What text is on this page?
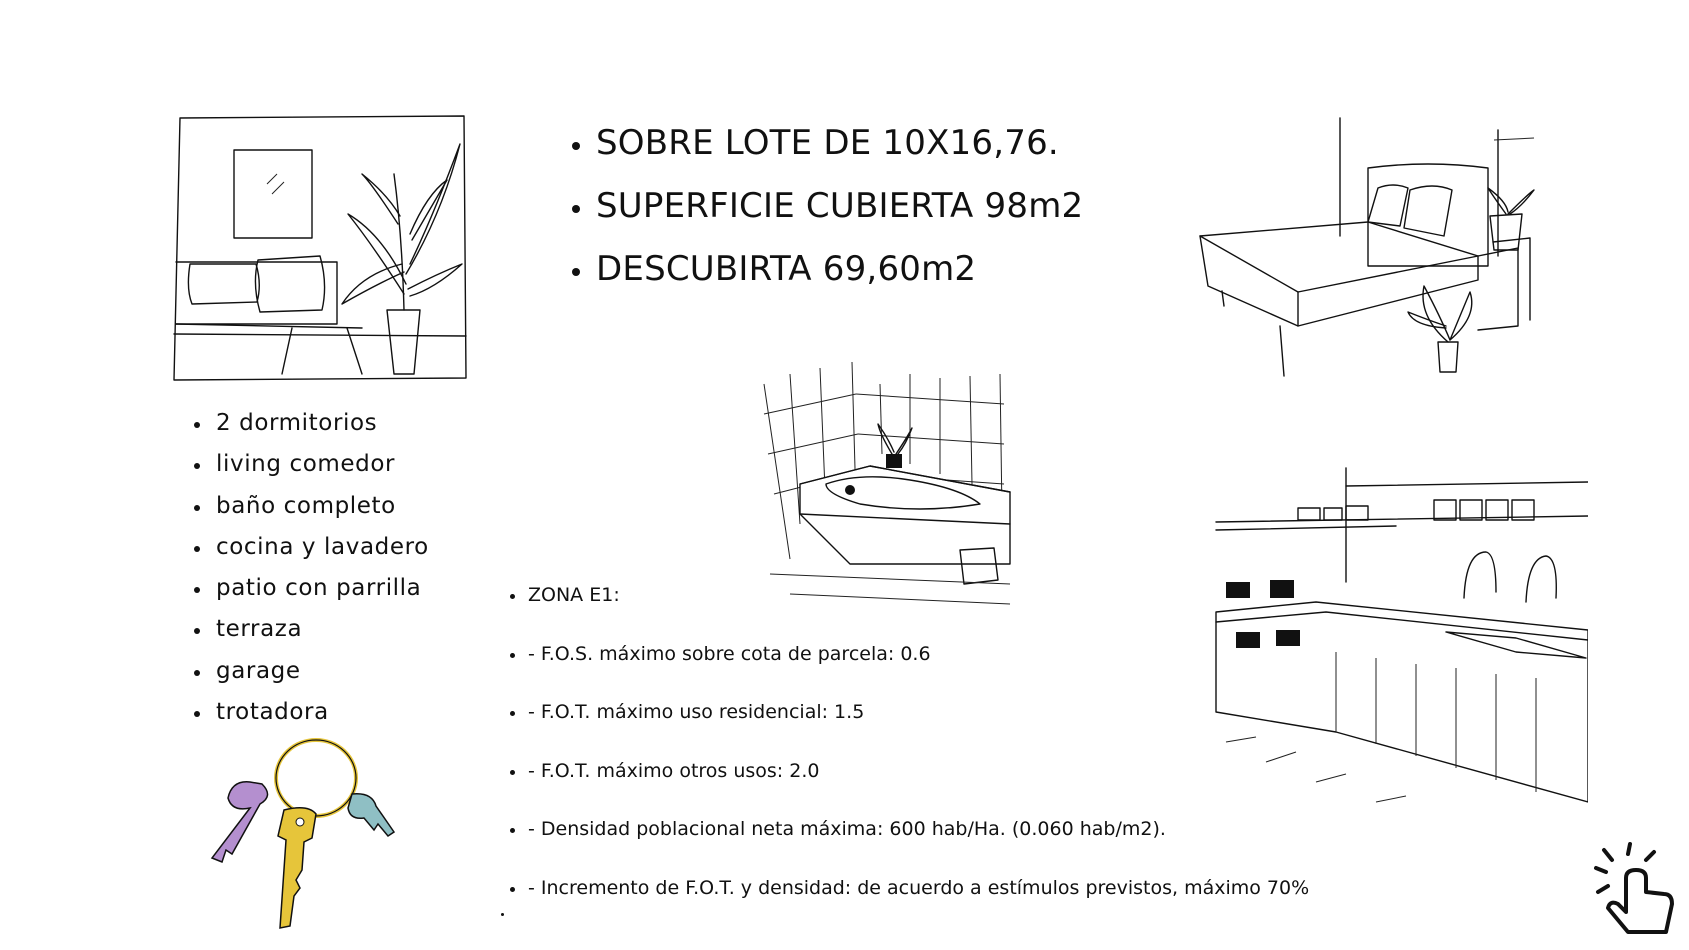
SOBRE LOTE DE 10X16,76.
SUPERFICIE CUBIERTA 98m2
DESCUBIRTA 69,60m2
2 dormitorios
living comedor
baño completo
cocina y lavadero
patio con parrilla
terraza
garage
trotadora
ZONA E1:
- F.O.S. máximo sobre cota de parcela: 0.6
- F.O.T. máximo uso residencial: 1.5
- F.O.T. máximo otros usos: 2.0
- Densidad poblacional neta máxima: 600 hab/Ha. (0.060 hab/m2).
- Incremento de F.O.T. y densidad: de acuerdo a estímulos previstos, máximo 70%
